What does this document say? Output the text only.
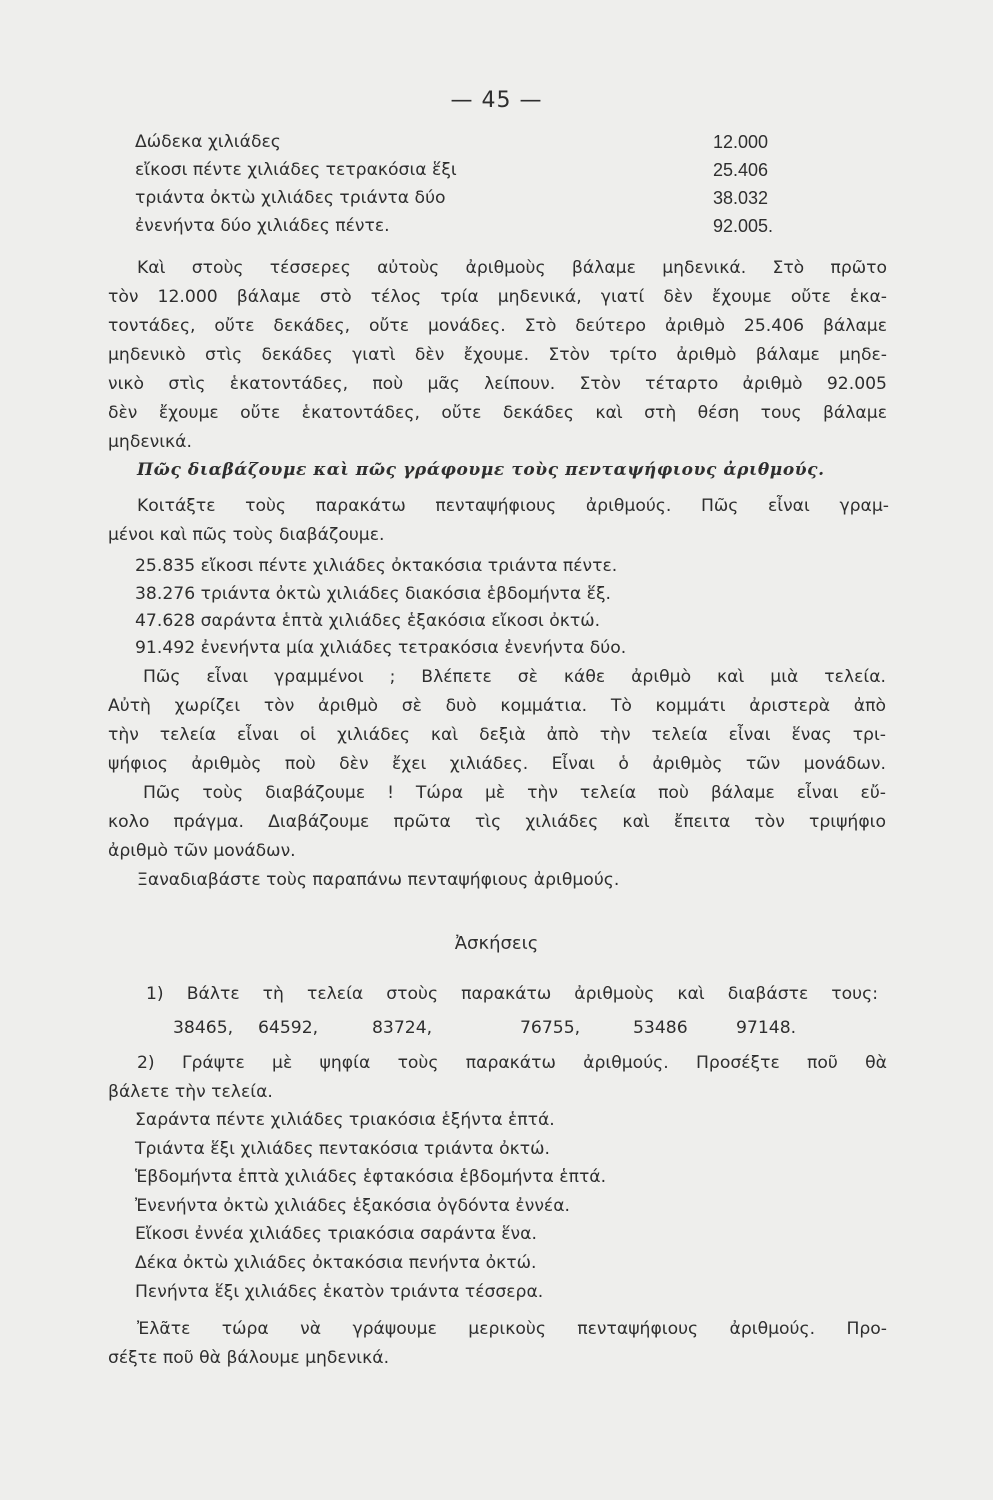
— 45 —
Δώδεκα χιλιάδες	12.000
εἴκοσι πέντε χιλιάδες τετρακόσια ἕξι	25.406
τριάντα ὀκτὼ χιλιάδες τριάντα δύο	38.032
ἐνενήντα δύο χιλιάδες πέντε.	92.005.
Καὶ στοὺς τέσσερες αὐτοὺς ἀριθμοὺς βάλαμε μηδενικά. Στὸ πρῶτο
τὸν 12.000 βάλαμε στὸ τέλος τρία μηδενικά, γιατί δὲν ἔχουμε οὔτε ἑκα-
τοντάδες, οὔτε δεκάδες, οὔτε μονάδες. Στὸ δεύτερο ἀριθμὸ 25.406 βάλαμε
μηδενικὸ στὶς δεκάδες γιατὶ δὲν ἔχουμε. Στὸν τρίτο ἀριθμὸ βάλαμε μηδε-
νικὸ στὶς ἑκατοντάδες, ποὺ μᾶς λείπουν. Στὸν τέταρτο ἀριθμὸ 92.005
δὲν ἔχουμε οὔτε ἑκατοντάδες, οὔτε δεκάδες καὶ στὴ θέση τους βάλαμε
μηδενικά.
Πῶς διαβάζουμε καὶ πῶς γράφουμε τοὺς πενταψήφιους ἀριθμούς.
Κοιτάξτε τοὺς παρακάτω πενταψήφιους ἀριθμούς. Πῶς εἶναι γραμ-
μένοι καὶ πῶς τοὺς διαβάζουμε.
25.835 εἴκοσι πέντε χιλιάδες ὀκτακόσια τριάντα πέντε.
38.276 τριάντα ὀκτὼ χιλιάδες διακόσια ἑβδομήντα ἕξ.
47.628 σαράντα ἑπτὰ χιλιάδες ἑξακόσια εἴκοσι ὀκτώ.
91.492 ἐνενήντα μία χιλιάδες τετρακόσια ἐνενήντα δύο.
Πῶς εἶναι γραμμένοι ; Βλέπετε σὲ κάθε ἀριθμὸ καὶ μιὰ τελεία.
Αὐτὴ χωρίζει τὸν ἀριθμὸ σὲ δυὸ κομμάτια. Τὸ κομμάτι ἀριστερὰ ἀπὸ
τὴν τελεία εἶναι οἱ χιλιάδες καὶ δεξιὰ ἀπὸ τὴν τελεία εἶναι ἕνας τρι-
ψήφιος ἀριθμὸς ποὺ δὲν ἔχει χιλιάδες. Εἶναι ὁ ἀριθμὸς τῶν μονάδων.
Πῶς τοὺς διαβάζουμε ! Τώρα μὲ τὴν τελεία ποὺ βάλαμε εἶναι εὔ-
κολο πράγμα. Διαβάζουμε πρῶτα τὶς χιλιάδες καὶ ἔπειτα τὸν τριψήφιο
ἀριθμὸ τῶν μονάδων.
Ξαναδιαβάστε τοὺς παραπάνω πενταψήφιους ἀριθμούς.
Ἀσκήσεις
1) Βάλτε τὴ τελεία στοὺς παρακάτω ἀριθμοὺς καὶ διαβάστε τους:
38465, 64592,	83724,	76755,	53486	97148.
2) Γράψτε μὲ ψηφία τοὺς παρακάτω ἀριθμούς. Προσέξτε ποῦ θὰ
βάλετε τὴν τελεία.
Σαράντα πέντε χιλιάδες τριακόσια ἑξήντα ἑπτά.
Τριάντα ἕξι χιλιάδες πεντακόσια τριάντα ὀκτώ.
Ἑβδομήντα ἑπτὰ χιλιάδες ἑφτακόσια ἑβδομήντα ἑπτά.
Ἐνενήντα ὀκτὼ χιλιάδες ἑξακόσια ὀγδόντα ἐννέα.
Εἴκοσι ἐννέα χιλιάδες τριακόσια σαράντα ἕνα.
Δέκα ὀκτὼ χιλιάδες ὀκτακόσια πενήντα ὀκτώ.
Πενήντα ἕξι χιλιάδες ἑκατὸν τριάντα τέσσερα.
Ἐλᾶτε τώρα νὰ γράψουμε μερικοὺς πενταψήφιους ἀριθμούς. Προ-
σέξτε ποῦ θὰ βάλουμε μηδενικά.
